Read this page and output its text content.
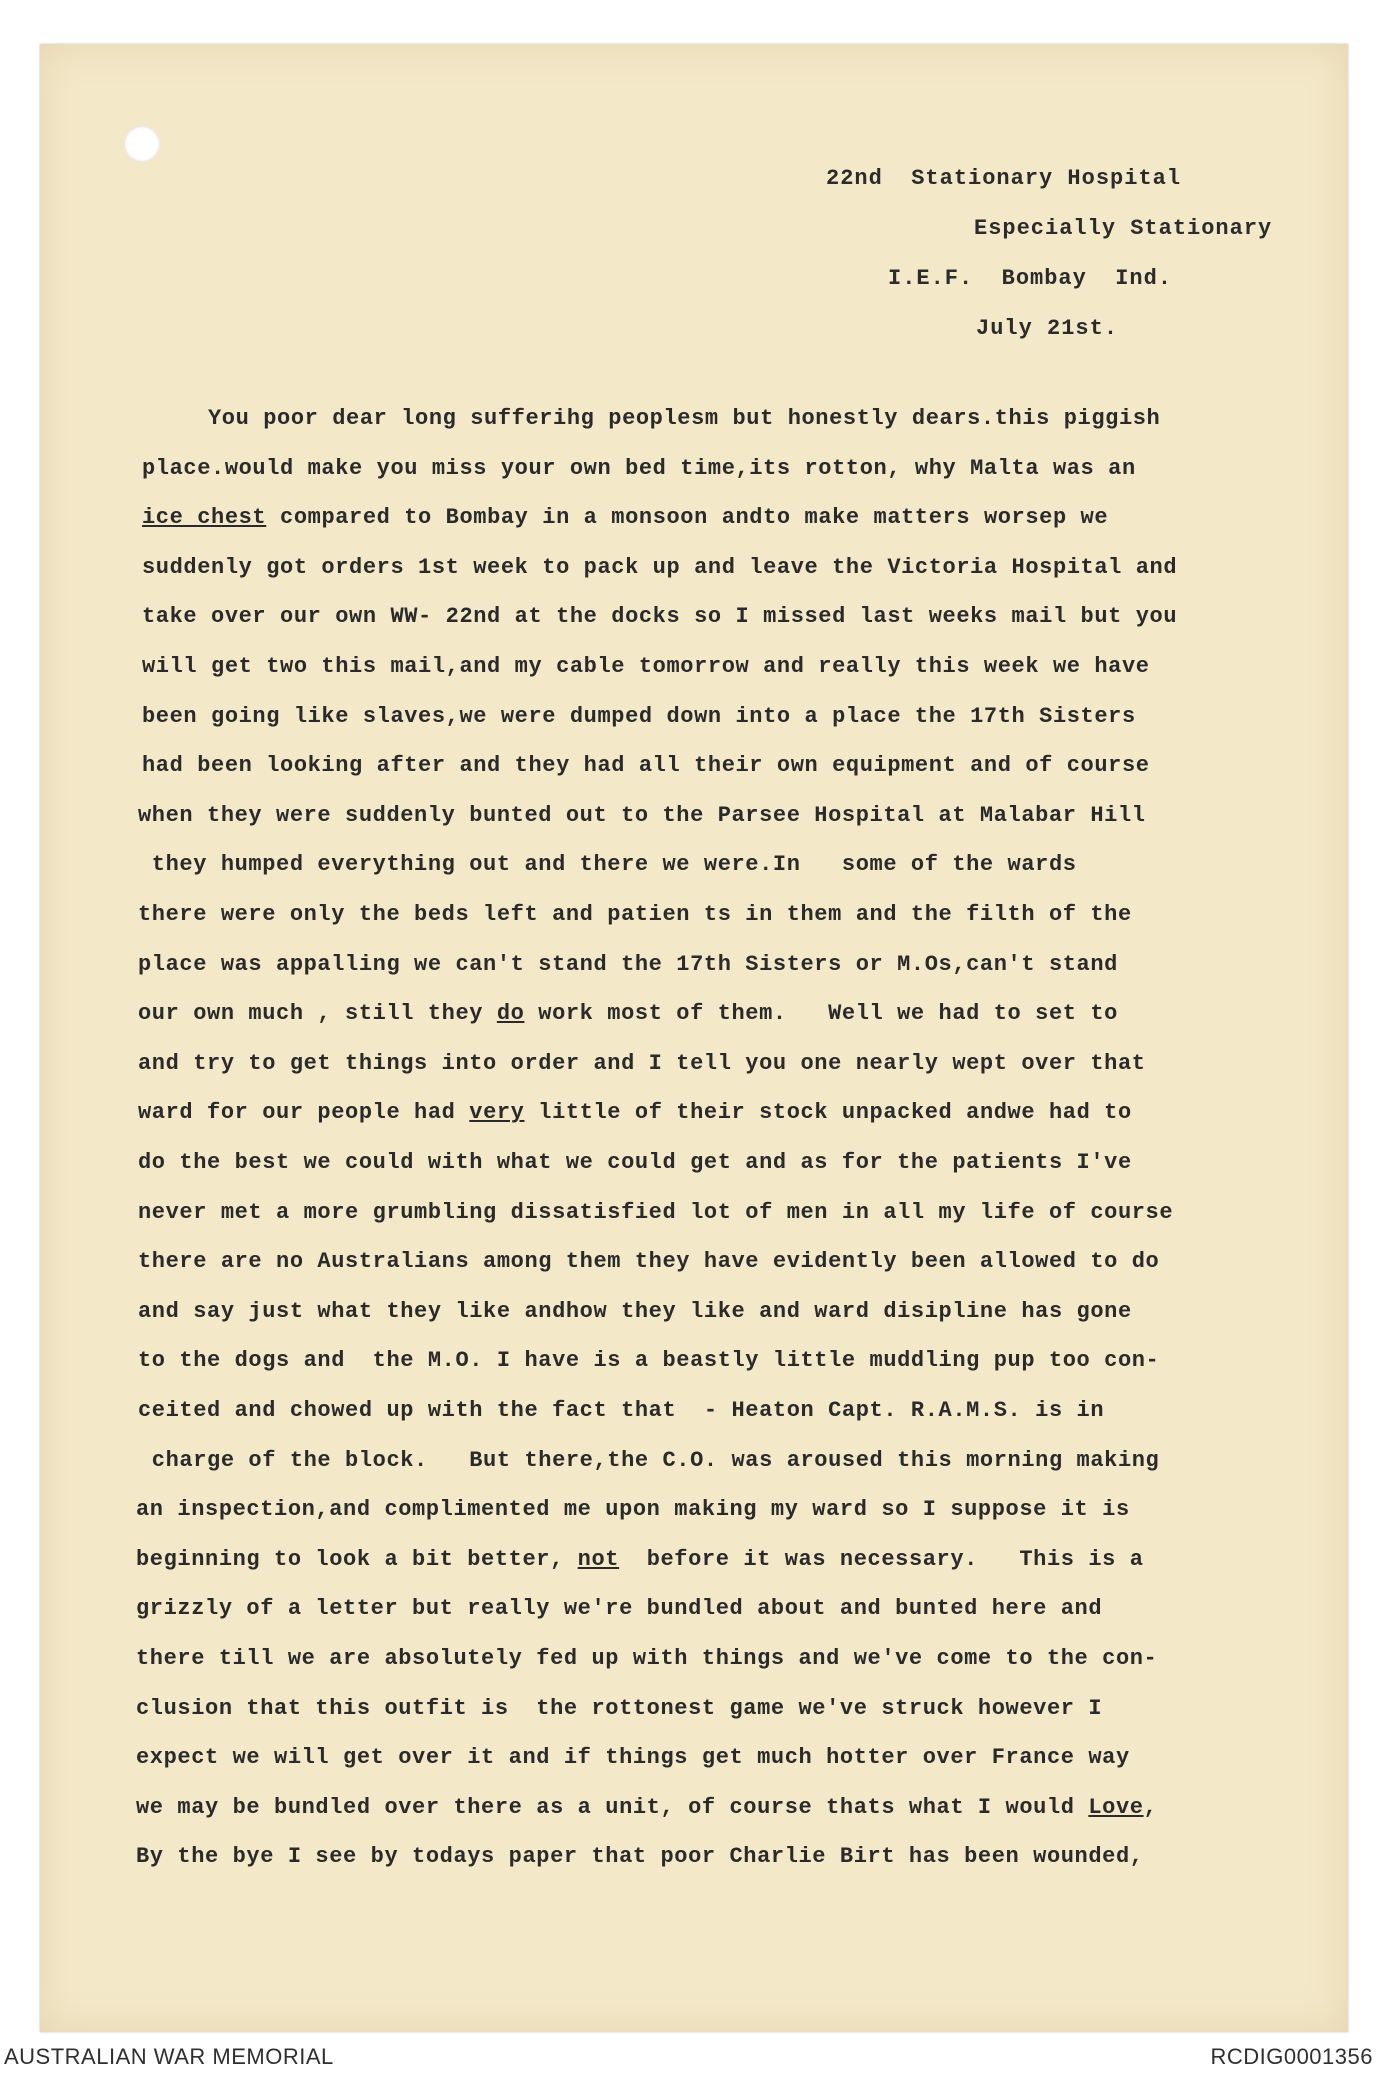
22nd  Stationary Hospital
Especially Stationary
I.E.F.  Bombay  Ind.
July 21st.
You poor dear long sufferihg peoplesm but honestly dears.this piggish
place.would make you miss your own bed time,its rotton, why Malta was an
ice chest compared to Bombay in a monsoon andto make matters worsep we
suddenly got orders 1st week to pack up and leave the Victoria Hospital and
take over our own WW- 22nd at the docks so I missed last weeks mail but you
will get two this mail,and my cable tomorrow and really this week we have
been going like slaves,we were dumped down into a place the 17th Sisters
had been looking after and they had all their own equipment and of course
when they were suddenly bunted out to the Parsee Hospital at Malabar Hill
they humped everything out and there we were.In   some of the wards
there were only the beds left and patien ts in them and the filth of the
place was appalling we can't stand the 17th Sisters or M.Os,can't stand
our own much , still they do work most of them.   Well we had to set to
and try to get things into order and I tell you one nearly wept over that
ward for our people had very little of their stock unpacked andwe had to
do the best we could with what we could get and as for the patients I've
never met a more grumbling dissatisfied lot of men in all my life of course
there are no Australians among them they have evidently been allowed to do
and say just what they like andhow they like and ward disipline has gone
to the dogs and  the M.O. I have is a beastly little muddling pup too con-
ceited and chowed up with the fact that  - Heaton Capt. R.A.M.S. is in
charge of the block.   But there,the C.O. was aroused this morning making
an inspection,and complimented me upon making my ward so I suppose it is
beginning to look a bit better, not  before it was necessary.   This is a
grizzly of a letter but really we're bundled about and bunted here and
there till we are absolutely fed up with things and we've come to the con-
clusion that this outfit is  the rottonest game we've struck however I
expect we will get over it and if things get much hotter over France way
we may be bundled over there as a unit, of course thats what I would Love,
By the bye I see by todays paper that poor Charlie Birt has been wounded,
AUSTRALIAN WAR MEMORIAL	RCDIG0001356
